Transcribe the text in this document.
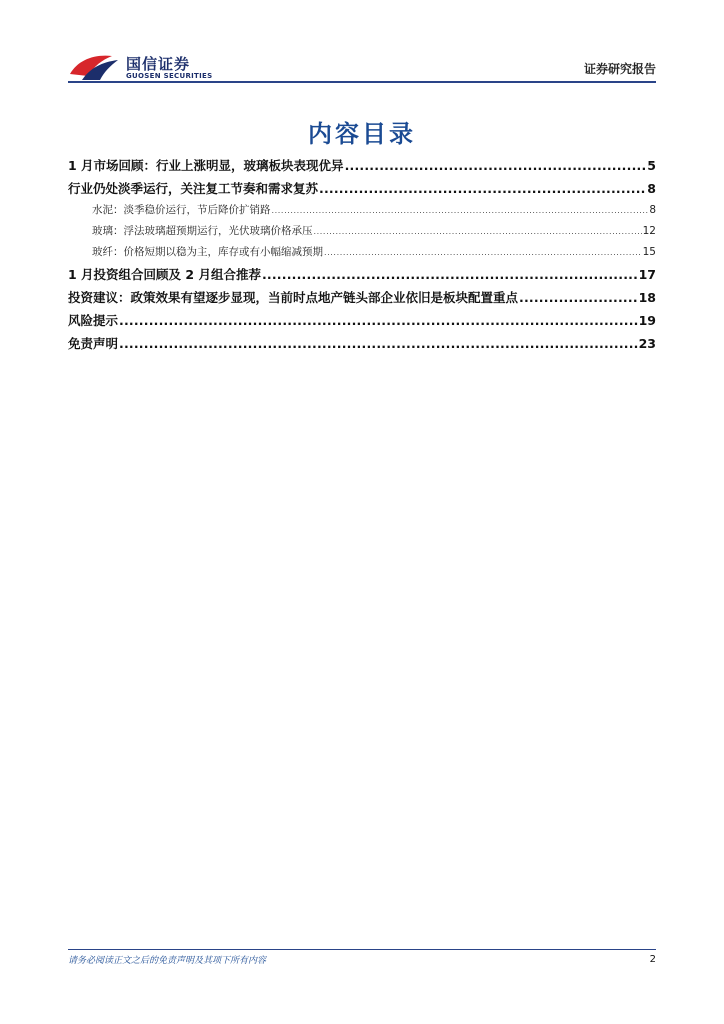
国信证券
GUOSEN SECURITIES	证券研究报告
内容目录
1 月市场回顾：行业上涨明显，玻璃板块表现优异 .....	5
行业仍处淡季运行，关注复工节奏和需求复苏 .....	8
水泥：淡季稳价运行，节后降价扩销路 .....	8
玻璃：浮法玻璃超预期运行，光伏玻璃价格承压 .....	12
玻纤：价格短期以稳为主，库存或有小幅缩减预期 .....	15
1 月投资组合回顾及 2 月组合推荐 .....	17
投资建议：政策效果有望逐步显现，当前时点地产链头部企业依旧是板块配置重点 .....	18
风险提示 .....	19
免责声明 .....	23
请务必阅读正文之后的免责声明及其项下所有内容	2
